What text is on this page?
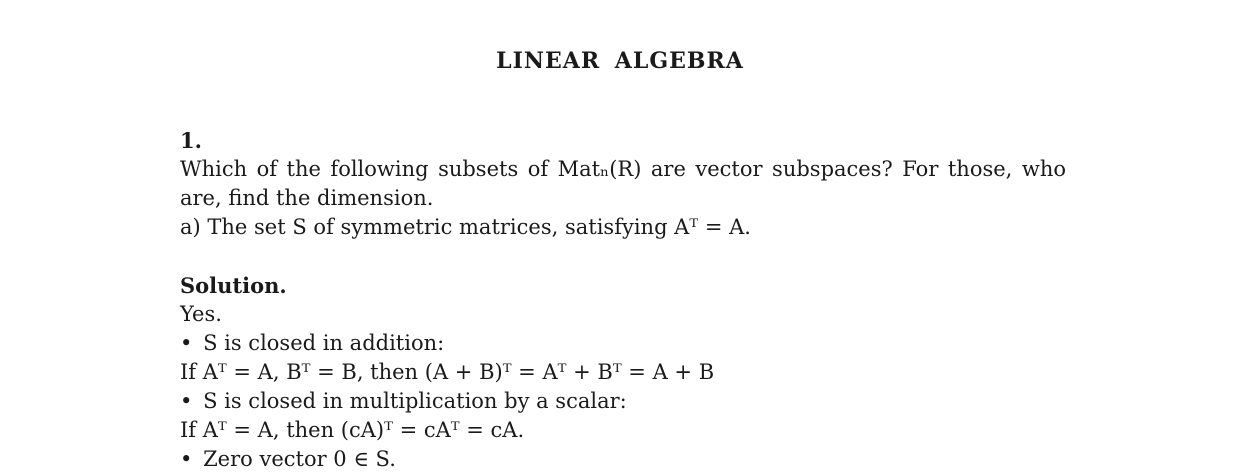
LINEAR ALGEBRA
1.
Which of the following subsets of Matₙ(R) are vector subspaces? For those, who
are, find the dimension.
a) The set S of symmetric matrices, satisfying Aᵀ = A.
Solution.
Yes.
• S is closed in addition:
If Aᵀ = A, Bᵀ = B, then (A + B)ᵀ = Aᵀ + Bᵀ = A + B
• S is closed in multiplication by a scalar:
If Aᵀ = A, then (cA)ᵀ = cAᵀ = cA.
• Zero vector 0 ∈ S.
